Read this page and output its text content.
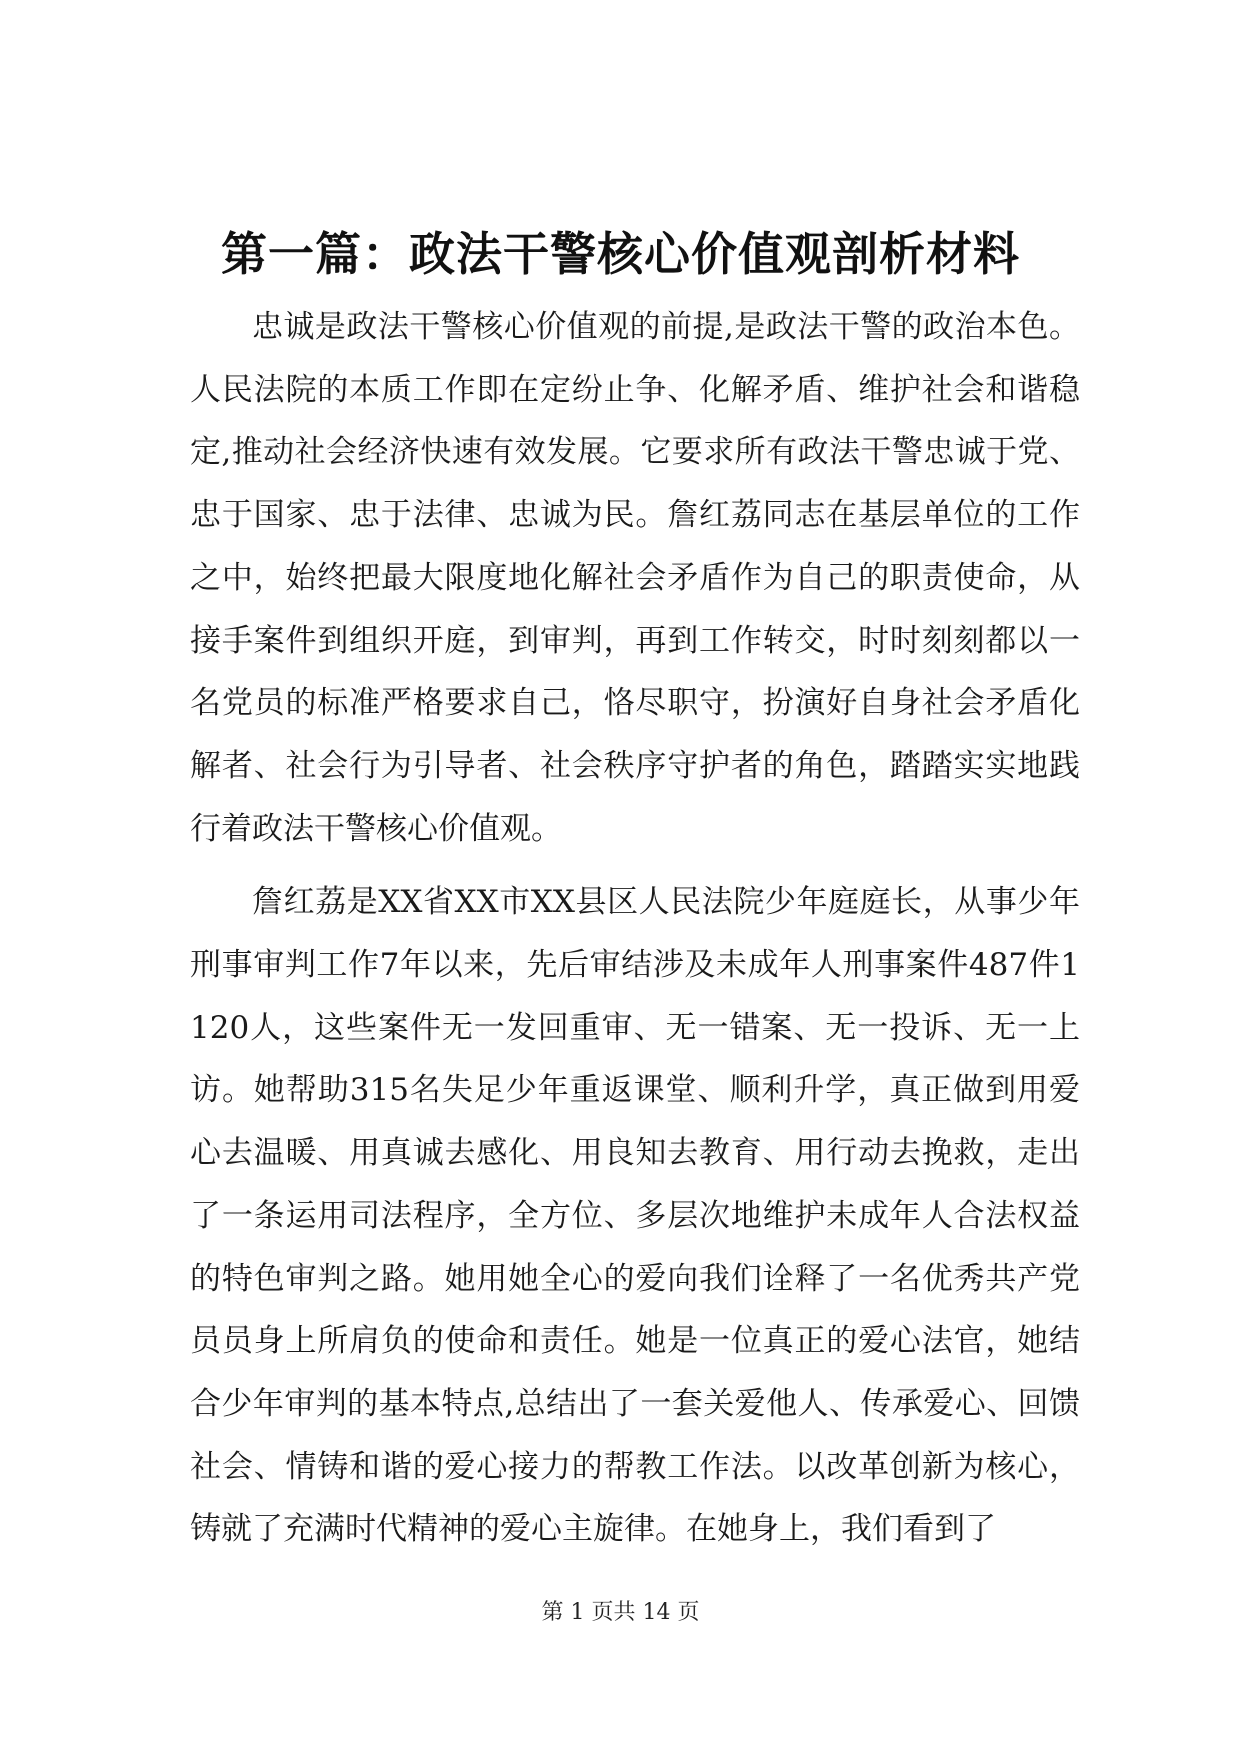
第一篇：政法干警核心价值观剖析材料

忠诚是政法干警核心价值观的前提,是政法干警的政治本色。人民法院的本质工作即在定纷止争、化解矛盾、维护社会和谐稳定,推动社会经济快速有效发展。它要求所有政法干警忠诚于党、忠于国家、忠于法律、忠诚为民。詹红荔同志在基层单位的工作之中，始终把最大限度地化解社会矛盾作为自己的职责使命，从接手案件到组织开庭，到审判，再到工作转交，时时刻刻都以一名党员的标准严格要求自己，恪尽职守，扮演好自身社会矛盾化解者、社会行为引导者、社会秩序守护者的角色，踏踏实实地践行着政法干警核心价值观。

詹红荔是XX省XX市XX县区人民法院少年庭庭长，从事少年刑事审判工作7年以来，先后审结涉及未成年人刑事案件487件1120人，这些案件无一发回重审、无一错案、无一投诉、无一上访。她帮助315名失足少年重返课堂、顺利升学，真正做到用爱心去温暖、用真诚去感化、用良知去教育、用行动去挽救，走出了一条运用司法程序，全方位、多层次地维护未成年人合法权益的特色审判之路。她用她全心的爱向我们诠释了一名优秀共产党员员身上所肩负的使命和责任。她是一位真正的爱心法官，她结合少年审判的基本特点,总结出了一套关爱他人、传承爱心、回馈社会、情铸和谐的爱心接力的帮教工作法。以改革创新为核心，铸就了充满时代精神的爱心主旋律。在她身上，我们看到了

第 1 页共 14 页
